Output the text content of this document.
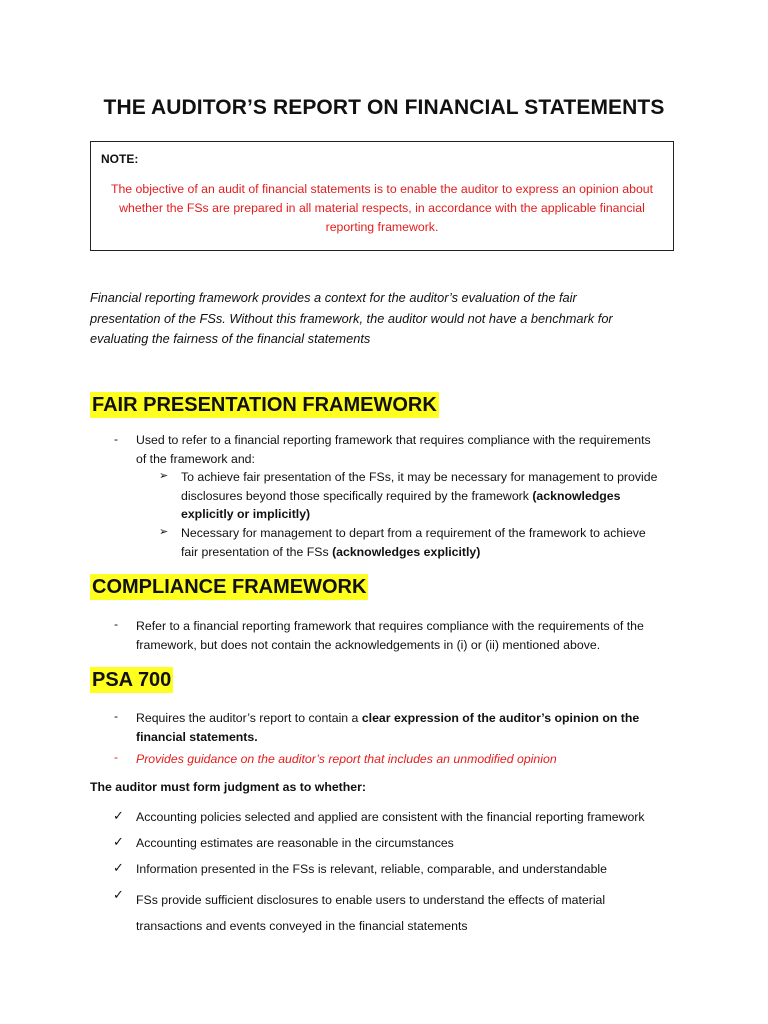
THE AUDITOR’S REPORT ON FINANCIAL STATEMENTS
NOTE:
The objective of an audit of financial statements is to enable the auditor to express an opinion about
whether the FSs are prepared in all material respects, in accordance with the applicable financial
reporting framework.
Financial reporting framework provides a context for the auditor’s evaluation of the fair
presentation of the FSs. Without this framework, the auditor would not have a benchmark for
evaluating the fairness of the financial statements
FAIR PRESENTATION FRAMEWORK
- Used to refer to a financial reporting framework that requires compliance with the requirements
of the framework and:
➢ To achieve fair presentation of the FSs, it may be necessary for management to provide
disclosures beyond those specifically required by the framework (acknowledges
explicitly or implicitly)
➢ Necessary for management to depart from a requirement of the framework to achieve
fair presentation of the FSs (acknowledges explicitly)
COMPLIANCE FRAMEWORK
- Refer to a financial reporting framework that requires compliance with the requirements of the
framework, but does not contain the acknowledgements in (i) or (ii) mentioned above.
PSA 700
- Requires the auditor’s report to contain a clear expression of the auditor’s opinion on the
financial statements.
- Provides guidance on the auditor’s report that includes an unmodified opinion
The auditor must form judgment as to whether:
✓ Accounting policies selected and applied are consistent with the financial reporting framework
✓ Accounting estimates are reasonable in the circumstances
✓ Information presented in the FSs is relevant, reliable, comparable, and understandable
✓ FSs provide sufficient disclosures to enable users to understand the effects of material
transactions and events conveyed in the financial statements
